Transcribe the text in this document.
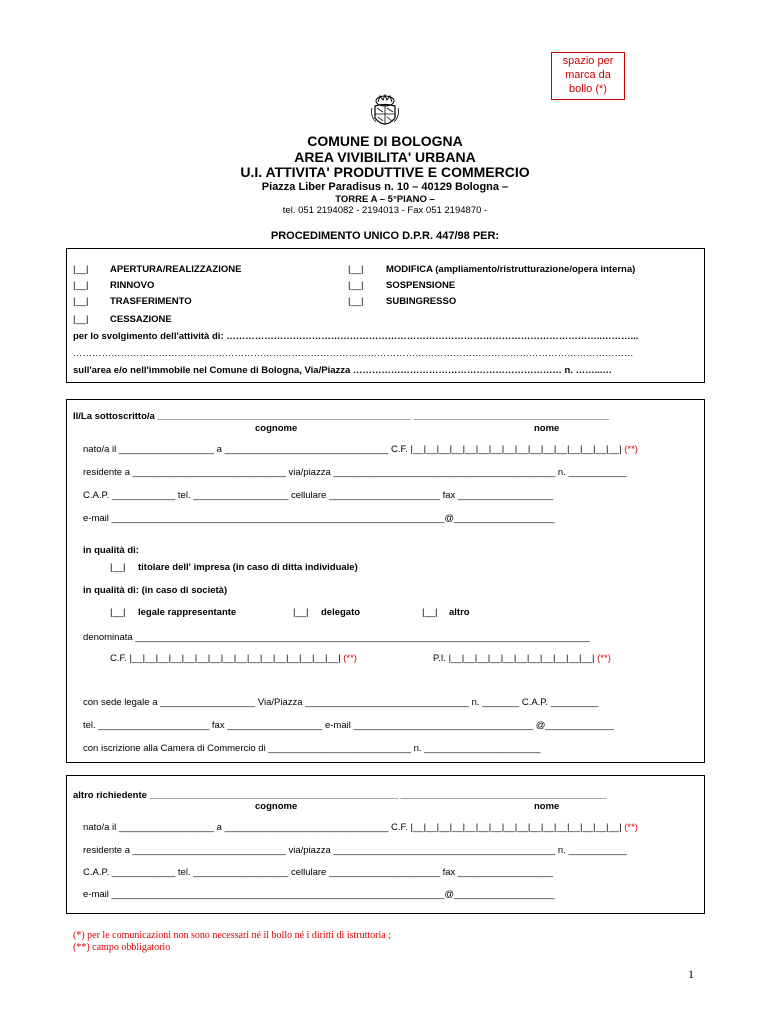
spazio per
marca da
bollo (*)
COMUNE DI BOLOGNA
AREA VIVIBILITA' URBANA
U.I. ATTIVITA' PRODUTTIVE E COMMERCIO
Piazza Liber Paradisus n. 10 – 40129 Bologna –
TORRE A – 5°PIANO –
tel. 051 2194082 - 2194013 - Fax 051 2194870 -
PROCEDIMENTO UNICO D.P.R. 447/98 PER:
|__| APERTURA/REALIZZAZIONE
|__| RINNOVO
|__| TRASFERIMENTO
|__| CESSAZIONE
|__| MODIFICA (ampliamento/ristrutturazione/opera interna)
|__| SOSPENSIONE
|__| SUBINGRESSO
per lo svolgimento dell'attività di: ………………………………………………………………………………………………………..………...
……………………………………………………………………………………………………………………………………………………………
sull'area e/o nell'immobile nel Comune di Bologna, Via/Piazza ………………………………………………………… n. ……...…
Il/La sottoscritto/a ________________________________________________ _____________________________________
cognome	nome
nato/a il __________________ a _______________________________ C.F. |__|__|__|__|__|__|__|__|__|__|__|__|__|__|__|__| (**)
residente a _____________________________ via/piazza __________________________________________ n. ___________
C.A.P. ____________ tel. __________________ cellulare _____________________ fax __________________
e-mail _______________________________________________________________@___________________
in qualità di:
|__| titolare dell' impresa (in caso di ditta individuale)
in qualità di: (in caso di società)
|__| legale rappresentante	|__| delegato	|__| altro
denominata ______________________________________________________________________________________
C.F. |__|__|__|__|__|__|__|__|__|__|__|__|__|__|__|__| (**)	P.I. |__|__|__|__|__|__|__|__|__|__|__| (**)
con sede legale a __________________ Via/Piazza _______________________________ n. _______ C.A.P. _________
tel. _____________________ fax __________________ e-mail __________________________________ @_____________
con iscrizione alla Camera di Commercio di ___________________________ n. ______________________
altro richiedente _______________________________________________ _______________________________________
cognome	nome
nato/a il __________________ a _______________________________ C.F. |__|__|__|__|__|__|__|__|__|__|__|__|__|__|__|__| (**)
residente a _____________________________ via/piazza __________________________________________ n. ___________
C.A.P. ____________ tel. __________________ cellulare _____________________ fax __________________
e-mail _______________________________________________________________@___________________
(*) per le comunicazioni non sono necessari né il bollo né i diritti di istruttoria ;
(**) campo obbligatorio
1
